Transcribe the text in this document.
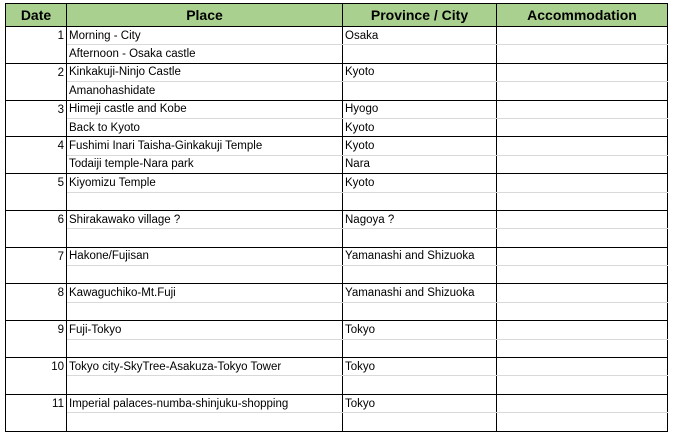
Date	Place	Province / City	Accommodation
1	Morning - City	Osaka	
	Afternoon - Osaka castle		
2	Kinkakuji-Ninjo Castle	Kyoto	
	Amanohashidate		
3	Himeji castle and Kobe	Hyogo	
	Back to Kyoto	Kyoto	
4	Fushimi Inari Taisha-Ginkakuji Temple	Kyoto	
	Todaiji temple-Nara park	Nara	
5	Kiyomizu Temple	Kyoto	

6	Shirakawako village ?	Nagoya ?	

7	Hakone/Fujisan	Yamanashi and Shizuoka	

8	Kawaguchiko-Mt.Fuji	Yamanashi and Shizuoka	

9	Fuji-Tokyo	Tokyo	

10	Tokyo city-SkyTree-Asakuza-Tokyo Tower	Tokyo	

11	Imperial palaces-numba-shinjuku-shopping	Tokyo	
